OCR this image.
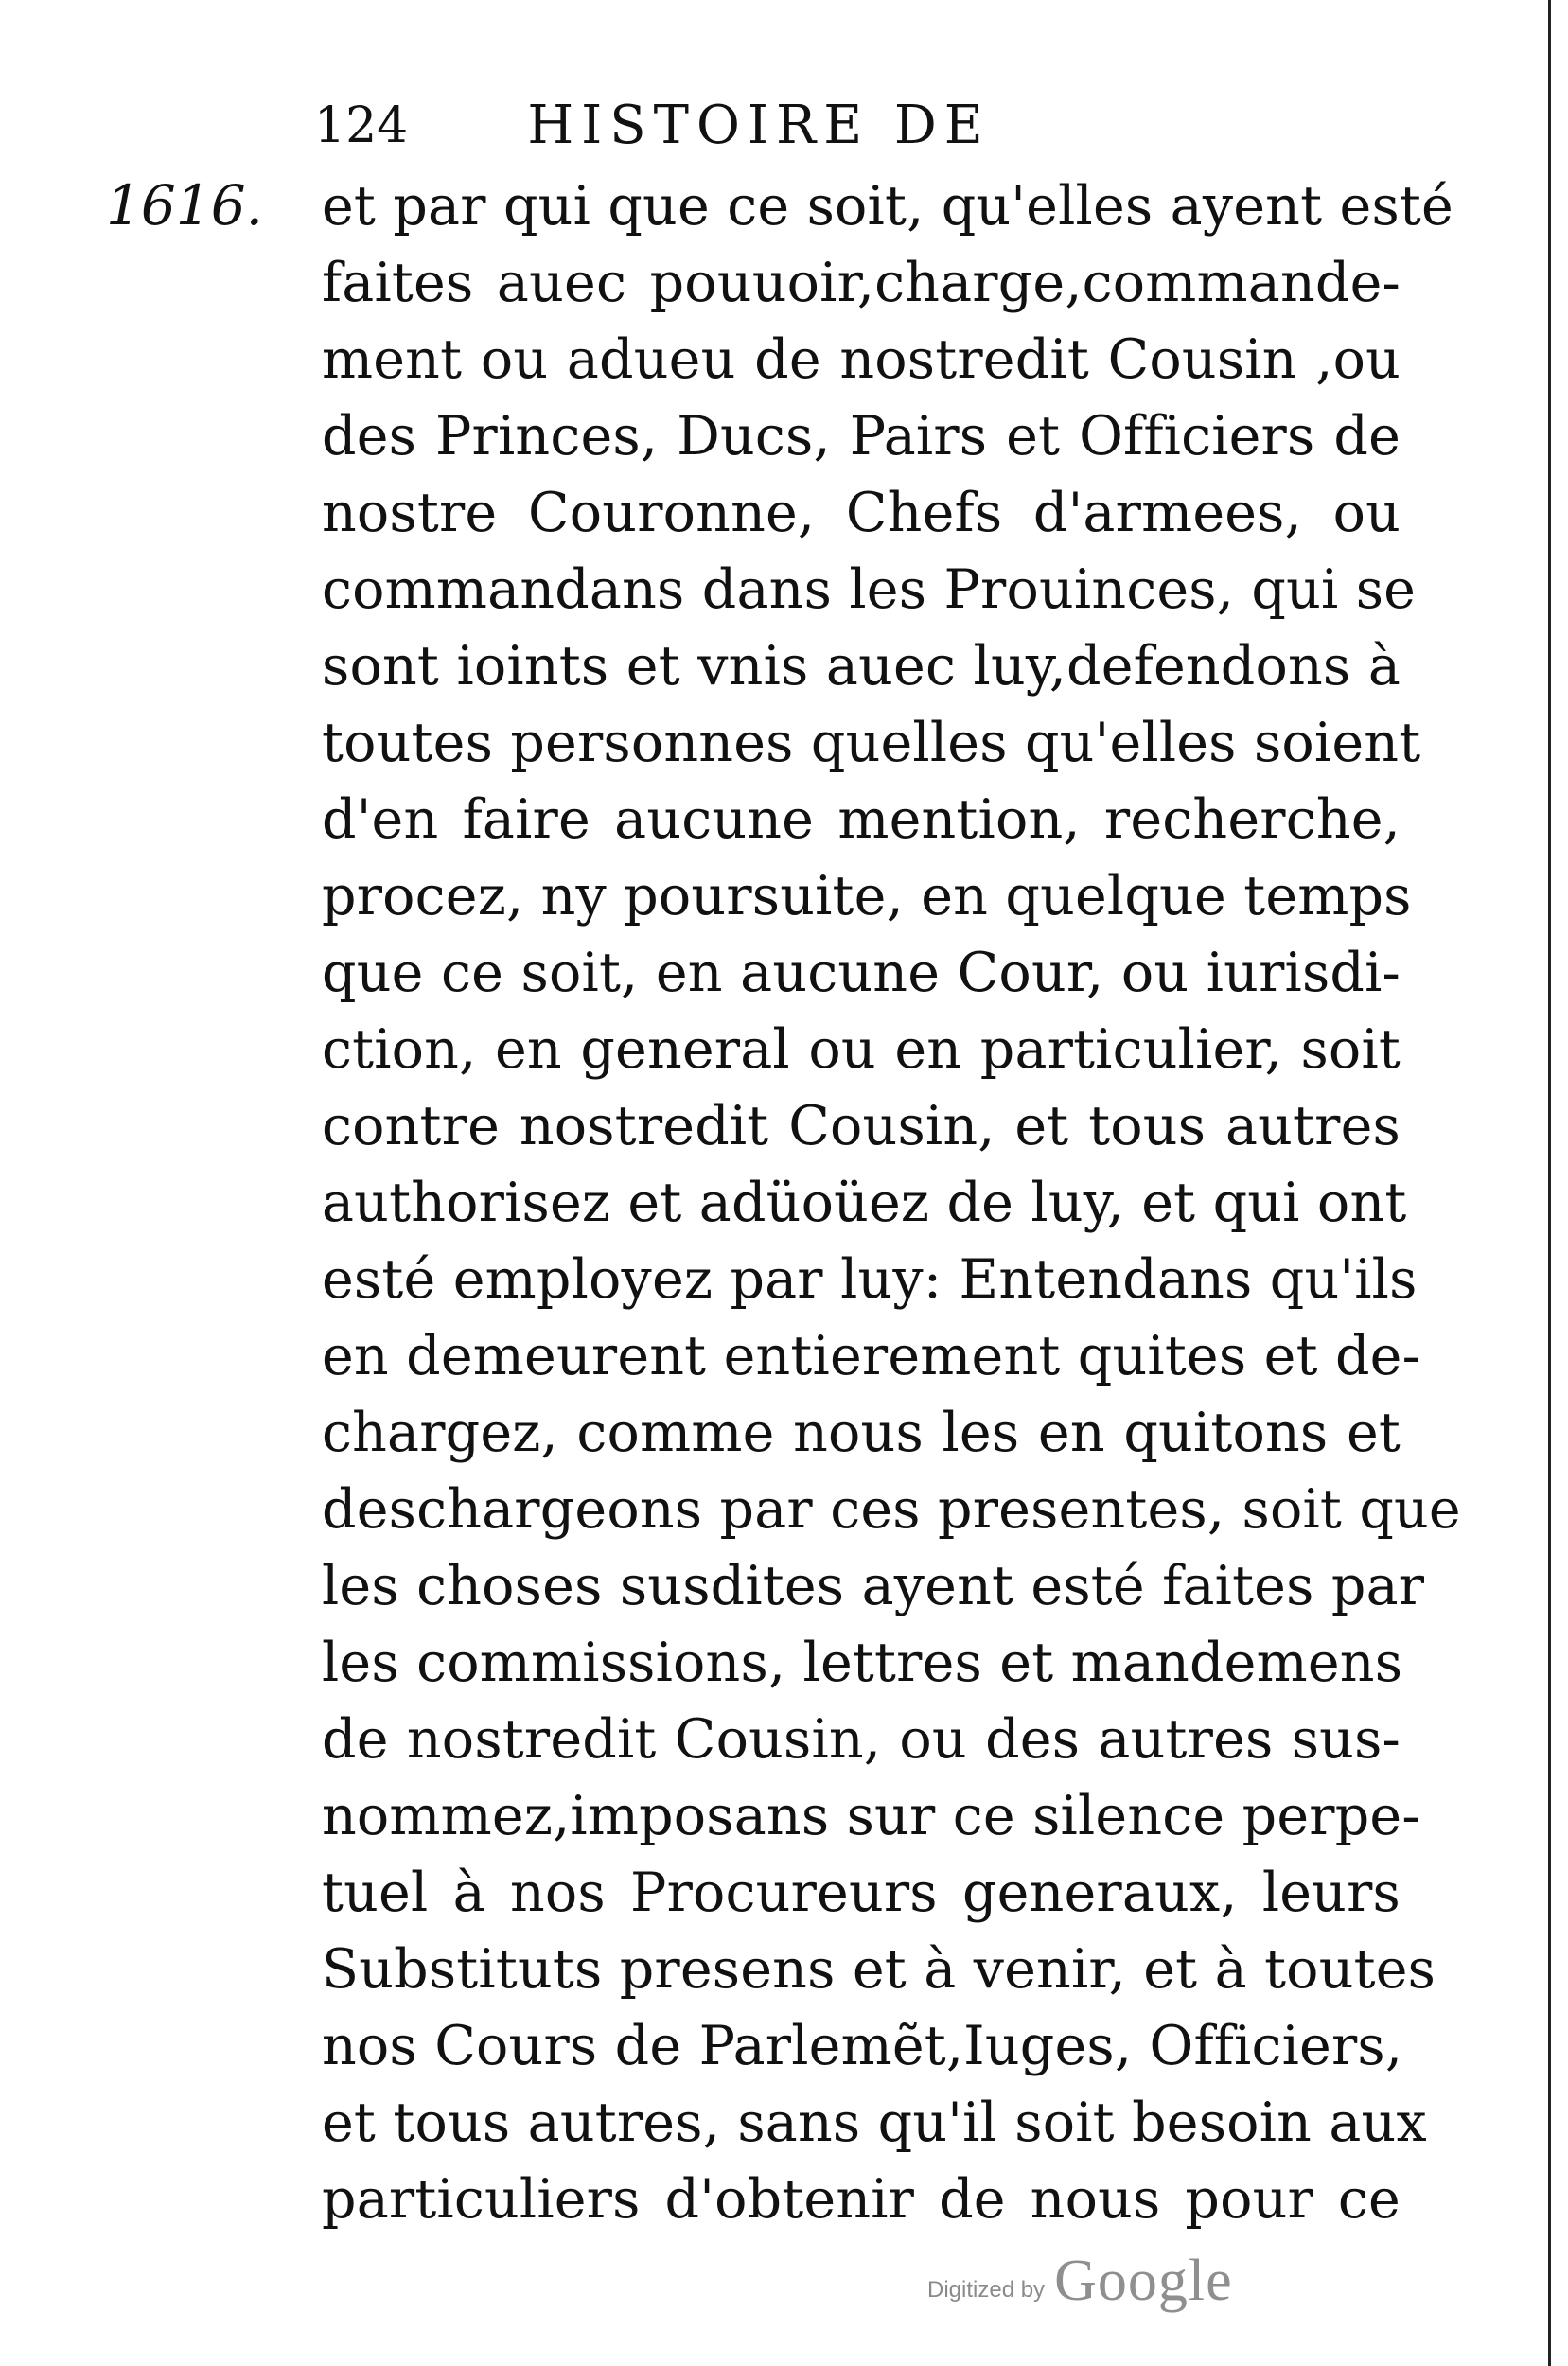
124	HISTOIRE DE
1616. et par qui que ce soit, qu'elles ayent esté
faites auec pouuoir,charge,commande-
ment ou adueu de nostredit Cousin ,ou
des Princes, Ducs, Pairs et Officiers de
nostre Couronne, Chefs d'armees, ou
commandans dans les Prouinces, qui se
sont ioints et vnis auec luy,defendons à
toutes personnes quelles qu'elles soient
d'en faire aucune mention, recherche,
procez, ny poursuite, en quelque temps
que ce soit, en aucune Cour, ou iurisdi-
ction, en general ou en particulier, soit
contre nostredit Cousin, et tous autres
authorisez et adüoüez de luy, et qui ont
esté employez par luy: Entendans qu'ils
en demeurent entierement quites et de-
chargez, comme nous les en quitons et
deschargeons par ces presentes, soit que
les choses susdites ayent esté faites par
les commissions, lettres et mandemens
de nostredit Cousin, ou des autres sus-
nommez,imposans sur ce silence perpe-
tuel à nos Procureurs generaux, leurs
Substituts presens et à venir, et à toutes
nos Cours de Parlemẽt,Iuges, Officiers,
et tous autres, sans qu'il soit besoin aux
particuliers d'obtenir de nous pour ce
Digitized by Google
